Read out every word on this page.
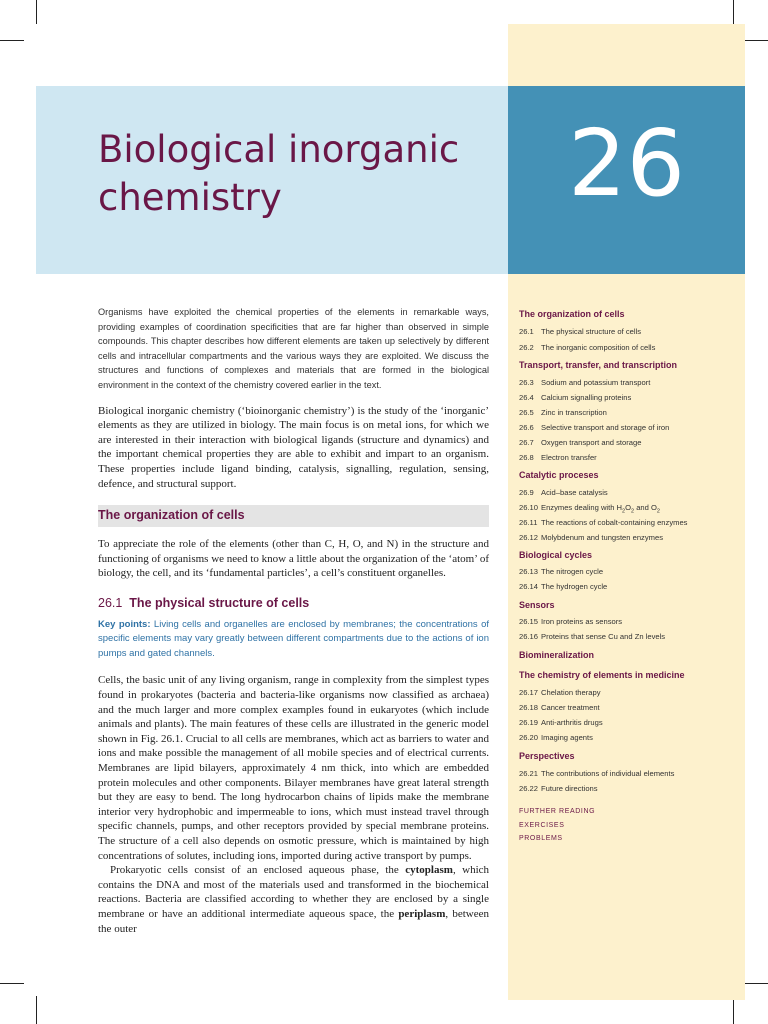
Biological inorganic
chemistry	26

Organisms have exploited the chemical properties of the elements in remarkable ways, providing examples of coordination specificities that are far higher than observed in simple compounds. This chapter describes how different elements are taken up selectively by different cells and intracellular compartments and the various ways they are exploited. We discuss the structures and functions of complexes and materials that are formed in the biological environment in the context of the chemistry covered earlier in the text.

Biological inorganic chemistry (‘bioinorganic chemistry’) is the study of the ‘inorganic’ elements as they are utilized in biology. The main focus is on metal ions, for which we are interested in their interaction with biological ligands (structure and dynamics) and the important chemical properties they are able to exhibit and impart to an organism. These properties include ligand binding, catalysis, signalling, regulation, sensing, defence, and structural support.

The organization of cells

To appreciate the role of the elements (other than C, H, O, and N) in the structure and functioning of organisms we need to know a little about the organization of the ‘atom’ of biology, the cell, and its ‘fundamental particles’, a cell’s constituent organelles.

26.1 The physical structure of cells

Key points: Living cells and organelles are enclosed by membranes; the concentrations of specific elements may vary greatly between different compartments due to the actions of ion pumps and gated channels.

Cells, the basic unit of any living organism, range in complexity from the simplest types found in prokaryotes (bacteria and bacteria-like organisms now classified as archaea) and the much larger and more complex examples found in eukaryotes (which include animals and plants). The main features of these cells are illustrated in the generic model shown in Fig. 26.1. Crucial to all cells are membranes, which act as barriers to water and ions and make possible the management of all mobile species and of electrical currents. Membranes are lipid bilayers, approximately 4 nm thick, into which are embedded protein molecules and other components. Bilayer membranes have great lateral strength but they are easy to bend. The long hydrocarbon chains of lipids make the membrane interior very hydrophobic and impermeable to ions, which must instead travel through specific channels, pumps, and other receptors provided by special membrane proteins. The structure of a cell also depends on osmotic pressure, which is maintained by high concentrations of solutes, including ions, imported during active transport by pumps.

Prokaryotic cells consist of an enclosed aqueous phase, the cytoplasm, which contains the DNA and most of the materials used and transformed in the biochemical reactions. Bacteria are classified according to whether they are enclosed by a single membrane or have an additional intermediate aqueous space, the periplasm, between the outer

The organization of cells

26.1 The physical structure of cells

26.2 The inorganic composition of cells

Transport, transfer, and transcription

26.3 Sodium and potassium transport

26.4 Calcium signalling proteins

26.5 Zinc in transcription

26.6 Selective transport and storage of iron

26.7 Oxygen transport and storage

26.8 Electron transfer

Catalytic proceses

26.9 Acid–base catalysis

26.10 Enzymes dealing with $H_2O_2$ and $O_2$

26.11 The reactions of cobalt-containing enzymes

26.12 Molybdenum and tungsten enzymes

Biological cycles

26.13 The nitrogen cycle

26.14 The hydrogen cycle

Sensors

26.15 Iron proteins as sensors

26.16 Proteins that sense Cu and Zn levels

Biomineralization

The chemistry of elements in medicine

26.17 Chelation therapy

26.18 Cancer treatment

26.19 Anti-arthritis drugs

26.20 Imaging agents

Perspectives

26.21 The contributions of individual elements

26.22 Future directions

FURTHER READING

EXERCISES

PROBLEMS
